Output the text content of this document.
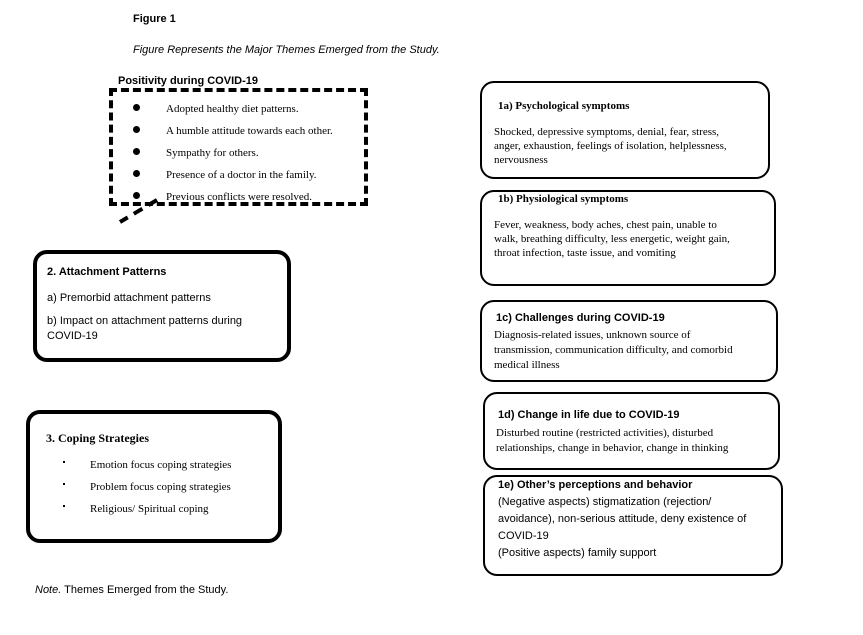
Figure 1
Figure Represents the Major Themes Emerged from the Study.
Positivity during COVID-19
Adopted healthy diet patterns.
A humble attitude towards each other.
Sympathy for others.
Presence of a doctor in the family.
Previous conflicts were resolved.
2. Attachment Patterns
a) Premorbid attachment patterns
b) Impact on attachment patterns during
COVID-19
3. Coping Strategies
Emotion focus coping strategies
Problem focus coping strategies
Religious/ Spiritual coping
1a) Psychological symptoms
Shocked, depressive symptoms, denial, fear, stress,
anger, exhaustion, feelings of isolation, helplessness,
nervousness
1b) Physiological symptoms
Fever, weakness, body aches, chest pain, unable to
walk, breathing difficulty, less energetic, weight gain,
throat infection, taste issue, and vomiting
1c) Challenges during COVID-19
Diagnosis-related issues, unknown source of
transmission, communication difficulty, and comorbid
medical illness
1d) Change in life due to COVID-19
Disturbed routine (restricted activities), disturbed
relationships, change in behavior, change in thinking
1e) Other’s perceptions and behavior
(Negative aspects) stigmatization (rejection/
avoidance), non-serious attitude, deny existence of
COVID-19
(Positive aspects) family support
Note. Themes Emerged from the Study.
